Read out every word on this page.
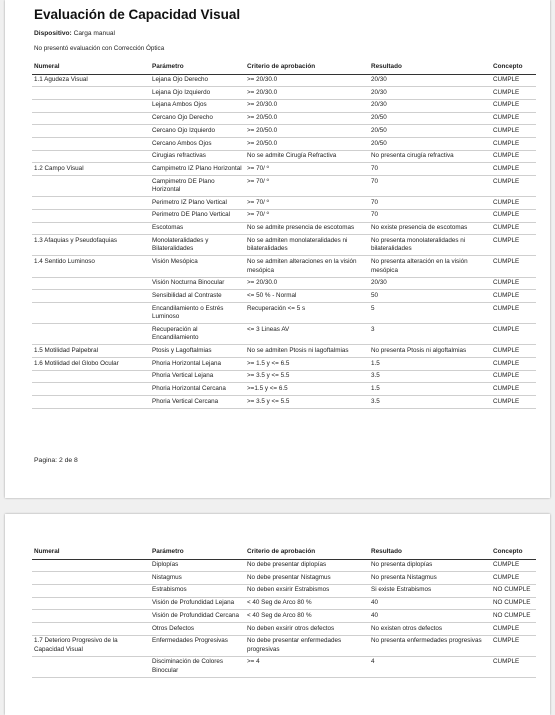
Evaluación de Capacidad Visual
Dispositivo: Carga manual
No presentó evaluación con Corrección Óptica
Numeral	Parámetro	Criterio de aprobación	Resultado	Concepto
1.1 Agudeza Visual	Lejana Ojo Derecho	>= 20/30.0	20/30	CUMPLE
	Lejana Ojo Izquierdo	>= 20/30.0	20/30	CUMPLE
	Lejana Ambos Ojos	>= 20/30.0	20/30	CUMPLE
	Cercano Ojo Derecho	>= 20/50.0	20/50	CUMPLE
	Cercano Ojo Izquierdo	>= 20/50.0	20/50	CUMPLE
	Cercano Ambos Ojos	>= 20/50.0	20/50	CUMPLE
	Cirugias refractivas	No se admite Cirugía Refractiva	No presenta cirugía refractiva	CUMPLE
1.2 Campo Visual	Campimetro IZ Plano Horizontal	>= 70/ º	70	CUMPLE
	Campimetro DE Plano Horizontal	>= 70/ º	70	CUMPLE
	Perimetro IZ Plano Vertical	>= 70/ º	70	CUMPLE
	Perimetro DE Plano Vertical	>= 70/ º	70	CUMPLE
	Escotomas	No se admite presencia de escotomas	No existe presencia de escotomas	CUMPLE
1.3 Afaquias y Pseudofaquias	Monolateralidades y Bilateralidades	No se admiten monolateralidades ni bilateralidades	No presenta monolateralidades ni bilateralidades	CUMPLE
1.4 Sentido Luminoso	Visión Mesópica	No se admiten alteraciones en la visión mesópica	No presenta alteración en la visión mesópica	CUMPLE
	Visión Nocturna Binocular	>= 20/30.0	20/30	CUMPLE
	Sensibilidad al Contraste	<= 50 % - Normal	50	CUMPLE
	Encandilamiento o Estrés Luminoso	Recuperación <= 5 s	5	CUMPLE
	Recuperación al Encandilamiento	<= 3 Lineas AV	3	CUMPLE
1.5 Motilidad Palpebral	Ptosis y Lagoftalmias	No se admiten Ptosis ni lagoftalmias	No presenta Ptosis ni algoftalmias	CUMPLE
1.6 Motilidad del Globo Ocular	Phoria Horizontal Lejana	>= 1.5 y <= 6.5	1.5	CUMPLE
	Phoria Vertical Lejana	>= 3.5 y <= 5.5	3.5	CUMPLE
	Phoria Horizontal Cercana	>=1.5 y <= 6.5	1.5	CUMPLE
	Phoria Vertical Cercana	>= 3.5 y <= 5.5	3.5	CUMPLE
Pagina: 2 de 8
Numeral	Parámetro	Criterio de aprobación	Resultado	Concepto
	Diplopías	No debe presentar diplopías	No presenta diplopías	CUMPLE
	Nistagmus	No debe presentar Nistagmus	No presenta Nistagmus	CUMPLE
	Estrabismos	No deben exsirir Estrabismos	Si existe Estrabismos	NO CUMPLE
	Visión de Profundidad Lejana	< 40 Seg de Arco 80 %	40	NO CUMPLE
	Visión de Profundidad Cercana	< 40 Seg de Arco 80 %	40	NO CUMPLE
	Otros Defectos	No deben exsirir otros defectos	No existen otros defectos	CUMPLE
1.7 Deterioro Progresivo de la Capacidad Visual	Enfermedades Progresivas	No debe presentar enfermedades progresivas	No presenta enfermedades progresivas	CUMPLE
	Disciminación de Colores Binocular	>= 4	4	CUMPLE
